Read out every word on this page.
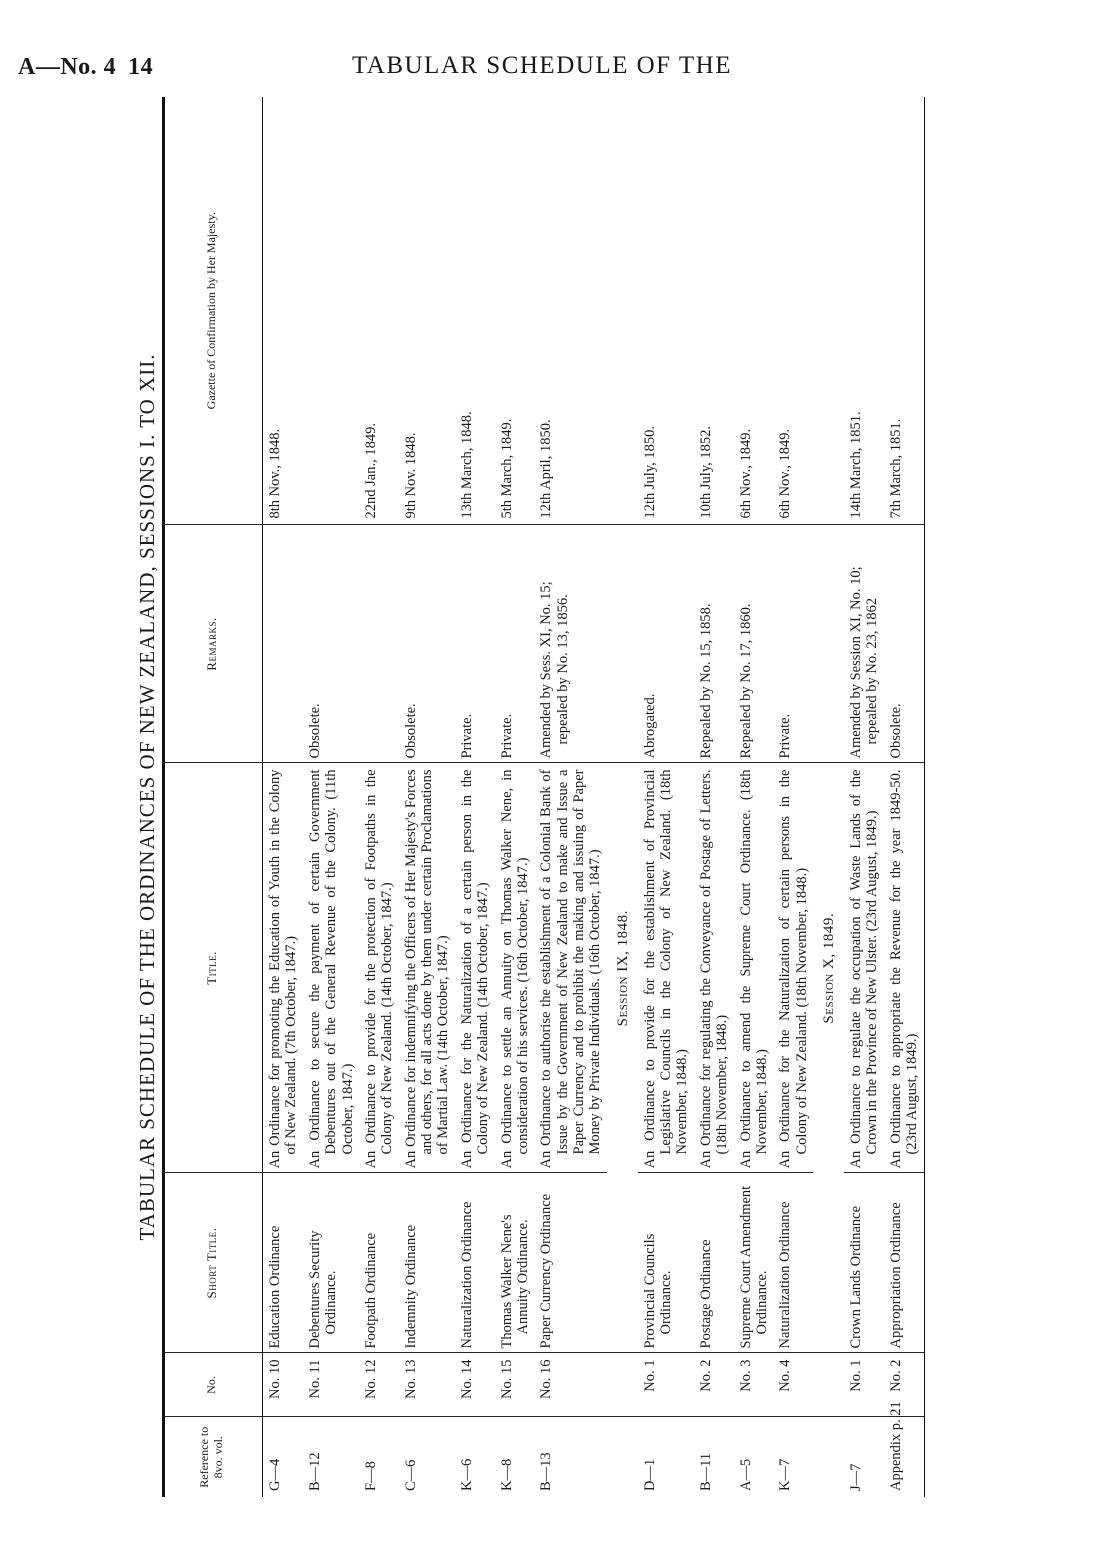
A—No. 4 14	TABULAR SCHEDULE OF THE
TABULAR SCHEDULE OF THE ORDINANCES OF NEW ZEALAND, SESSIONS I. TO XII.
Reference to 8vo. vol.	No.	Short Title.	Title.	Remarks.	Gazette of Confirmation by Her Majesty.
G—4	No. 10	Education Ordinance	An Ordinance for promoting the Education of Youth in the Colony of New Zealand. (7th October, 1847.)		8th Nov., 1848.
B—12	No. 11	Debentures Security Ordinance.	An Ordinance to secure the payment of certain Government Debentures out of the General Revenue of the Colony. (11th October, 1847.)	Obsolete.	
F—8	No. 12	Footpath Ordinance	An Ordinance to provide for the protection of Footpaths in the Colony of New Zealand. (14th October, 1847.)		22nd Jan., 1849.
C—6	No. 13	Indemnity Ordinance	An Ordinance for indemnifying the Officers of Her Majesty's Forces and others, for all acts done by them under certain Proclamations of Martial Law. (14th October, 1847.)	Obsolete.	9th Nov. 1848.
K—6	No. 14	Naturalization Ordinance	An Ordinance for the Naturalization of a certain person in the Colony of New Zealand. (14th October, 1847.)	Private.	13th March, 1848.
K—8	No. 15	Thomas Walker Nene's Annuity Ordinance.	An Ordinance to settle an Annuity on Thomas Walker Nene, in consideration of his services. (16th October, 1847.)	Private.	5th March, 1849.
B—13	No. 16	Paper Currency Ordinance	An Ordinance to authorise the establishment of a Colonial Bank of Issue by the Government of New Zealand to make and Issue a Paper Currency and to prohibit the making and issuing of Paper Money by Private Individuals. (16th October, 1847.)	Amended by Sess. XI, No. 15; repealed by No. 13, 1856.	12th April, 1850.
			Session IX, 1848.		
D—1	No. 1	Provincial Councils Ordinance.	An Ordinance to provide for the establishment of Provincial Legislative Councils in the Colony of New Zealand. (18th November, 1848.)	Abrogated.	12th July, 1850.
B—11	No. 2	Postage Ordinance	An Ordinance for regulating the Conveyance of Postage of Letters. (18th November, 1848.)	Repealed by No. 15, 1858.	10th July, 1852.
A—5	No. 3	Supreme Court Amendment Ordinance.	An Ordinance to amend the Supreme Court Ordinance. (18th November, 1848.)	Repealed by No. 17, 1860.	6th Nov., 1849.
K—7	No. 4	Naturalization Ordinance	An Ordinance for the Naturalization of certain persons in the Colony of New Zealand. (18th November, 1848.)	Private.	6th Nov., 1849.
			Session X, 1849.		
J—7	No. 1	Crown Lands Ordinance	An Ordinance to regulate the occupation of Waste Lands of the Crown in the Province of New Ulster. (23rd August, 1849.)	Amended by Session XI, No. 10; repealed by No. 23, 1862	14th March, 1851.
Appendix p. 21	No. 2	Appropriation Ordinance	An Ordinance to appropriate the Revenue for the year 1849-50. (23rd August, 1849.)	Obsolete.	7th March, 1851.
